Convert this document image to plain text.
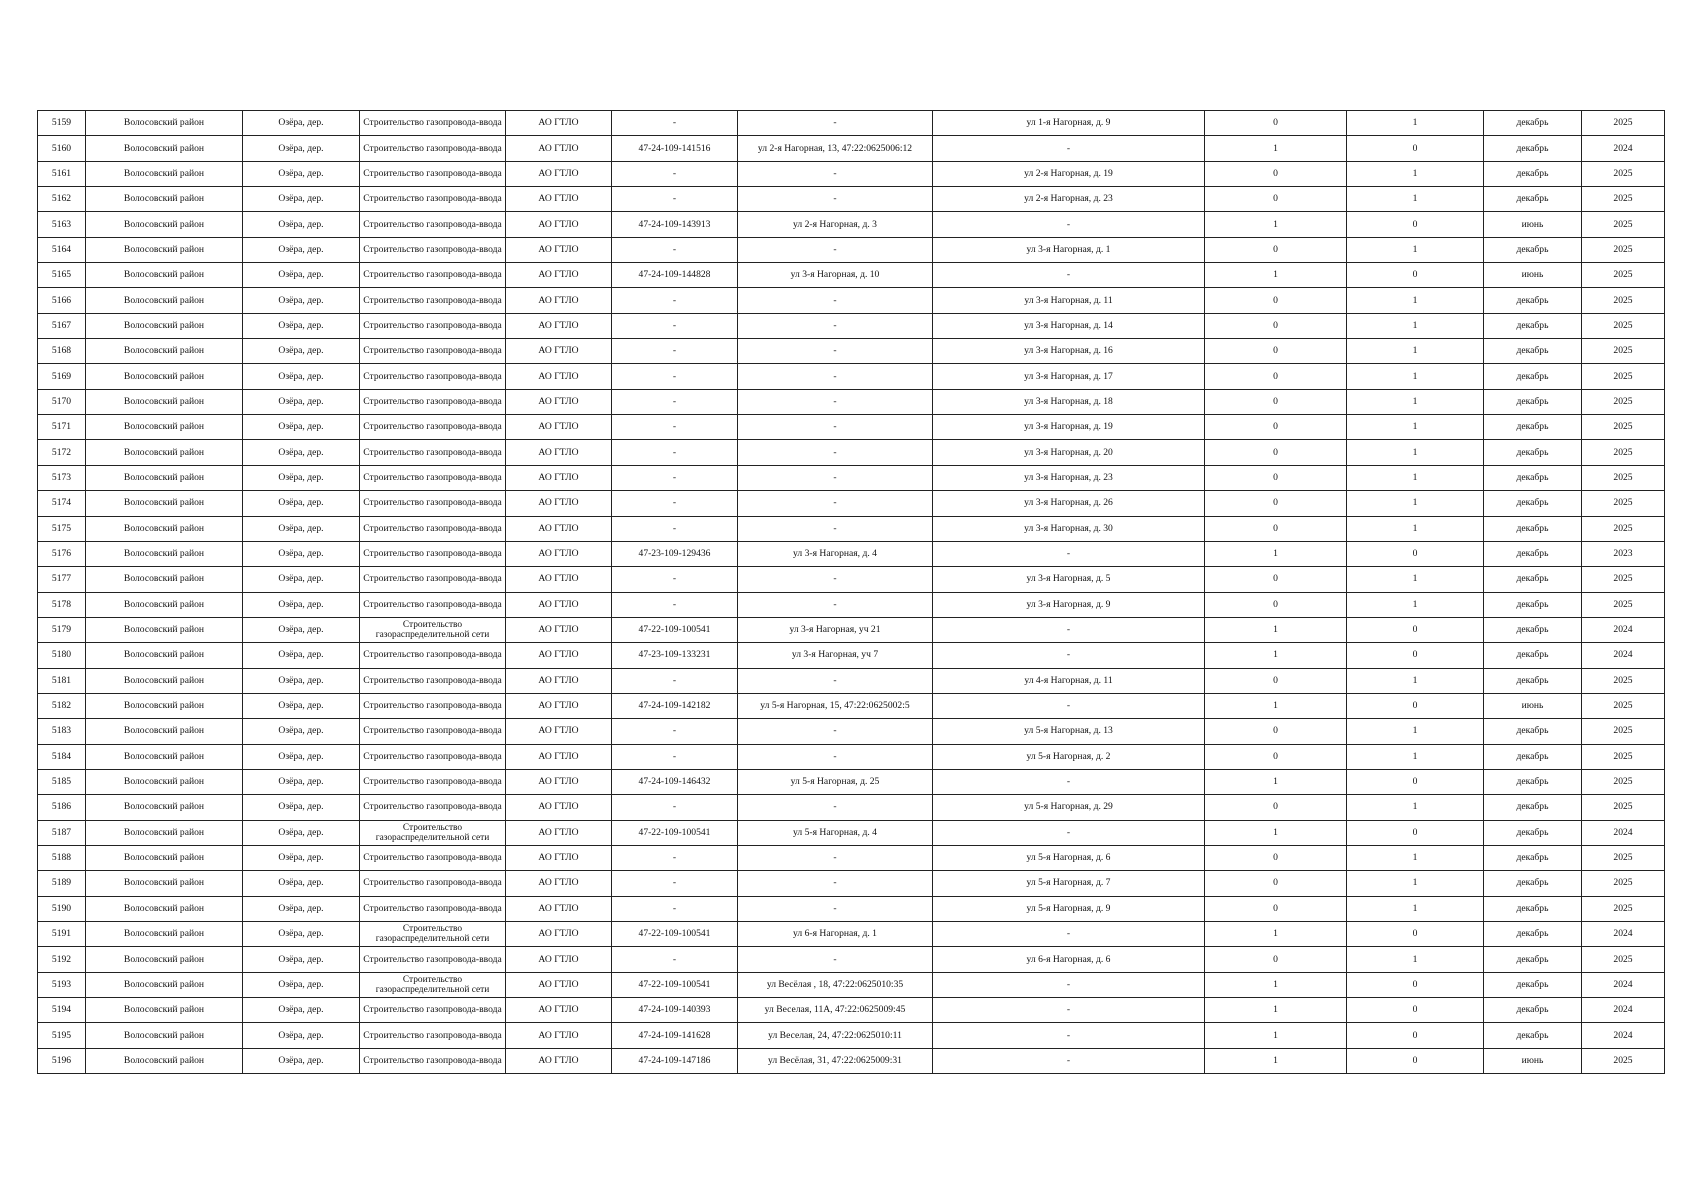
5159	Волосовский район	Озёра, дер.	Строительство газопровода-ввода	АО ГТЛО	-	-	ул 1-я Нагорная, д. 9	0	1	декабрь	2025
5160	Волосовский район	Озёра, дер.	Строительство газопровода-ввода	АО ГТЛО	47-24-109-141516	ул 2-я Нагорная, 13, 47:22:0625006:12	-	1	0	декабрь	2024
5161	Волосовский район	Озёра, дер.	Строительство газопровода-ввода	АО ГТЛО	-	-	ул 2-я Нагорная, д. 19	0	1	декабрь	2025
5162	Волосовский район	Озёра, дер.	Строительство газопровода-ввода	АО ГТЛО	-	-	ул 2-я Нагорная, д. 23	0	1	декабрь	2025
5163	Волосовский район	Озёра, дер.	Строительство газопровода-ввода	АО ГТЛО	47-24-109-143913	ул 2-я Нагорная, д. 3	-	1	0	июнь	2025
5164	Волосовский район	Озёра, дер.	Строительство газопровода-ввода	АО ГТЛО	-	-	ул 3-я Нагорная, д. 1	0	1	декабрь	2025
5165	Волосовский район	Озёра, дер.	Строительство газопровода-ввода	АО ГТЛО	47-24-109-144828	ул 3-я Нагорная, д. 10	-	1	0	июнь	2025
5166	Волосовский район	Озёра, дер.	Строительство газопровода-ввода	АО ГТЛО	-	-	ул 3-я Нагорная, д. 11	0	1	декабрь	2025
5167	Волосовский район	Озёра, дер.	Строительство газопровода-ввода	АО ГТЛО	-	-	ул 3-я Нагорная, д. 14	0	1	декабрь	2025
5168	Волосовский район	Озёра, дер.	Строительство газопровода-ввода	АО ГТЛО	-	-	ул 3-я Нагорная, д. 16	0	1	декабрь	2025
5169	Волосовский район	Озёра, дер.	Строительство газопровода-ввода	АО ГТЛО	-	-	ул 3-я Нагорная, д. 17	0	1	декабрь	2025
5170	Волосовский район	Озёра, дер.	Строительство газопровода-ввода	АО ГТЛО	-	-	ул 3-я Нагорная, д. 18	0	1	декабрь	2025
5171	Волосовский район	Озёра, дер.	Строительство газопровода-ввода	АО ГТЛО	-	-	ул 3-я Нагорная, д. 19	0	1	декабрь	2025
5172	Волосовский район	Озёра, дер.	Строительство газопровода-ввода	АО ГТЛО	-	-	ул 3-я Нагорная, д. 20	0	1	декабрь	2025
5173	Волосовский район	Озёра, дер.	Строительство газопровода-ввода	АО ГТЛО	-	-	ул 3-я Нагорная, д. 23	0	1	декабрь	2025
5174	Волосовский район	Озёра, дер.	Строительство газопровода-ввода	АО ГТЛО	-	-	ул 3-я Нагорная, д. 26	0	1	декабрь	2025
5175	Волосовский район	Озёра, дер.	Строительство газопровода-ввода	АО ГТЛО	-	-	ул 3-я Нагорная, д. 30	0	1	декабрь	2025
5176	Волосовский район	Озёра, дер.	Строительство газопровода-ввода	АО ГТЛО	47-23-109-129436	ул 3-я Нагорная, д. 4	-	1	0	декабрь	2023
5177	Волосовский район	Озёра, дер.	Строительство газопровода-ввода	АО ГТЛО	-	-	ул 3-я Нагорная, д. 5	0	1	декабрь	2025
5178	Волосовский район	Озёра, дер.	Строительство газопровода-ввода	АО ГТЛО	-	-	ул 3-я Нагорная, д. 9	0	1	декабрь	2025
5179	Волосовский район	Озёра, дер.	Строительство газораспределительной сети	АО ГТЛО	47-22-109-100541	ул 3-я Нагорная, уч 21	-	1	0	декабрь	2024
5180	Волосовский район	Озёра, дер.	Строительство газопровода-ввода	АО ГТЛО	47-23-109-133231	ул 3-я Нагорная, уч 7	-	1	0	декабрь	2024
5181	Волосовский район	Озёра, дер.	Строительство газопровода-ввода	АО ГТЛО	-	-	ул 4-я Нагорная, д. 11	0	1	декабрь	2025
5182	Волосовский район	Озёра, дер.	Строительство газопровода-ввода	АО ГТЛО	47-24-109-142182	ул 5-я Нагорная, 15, 47:22:0625002:5	-	1	0	июнь	2025
5183	Волосовский район	Озёра, дер.	Строительство газопровода-ввода	АО ГТЛО	-	-	ул 5-я Нагорная, д. 13	0	1	декабрь	2025
5184	Волосовский район	Озёра, дер.	Строительство газопровода-ввода	АО ГТЛО	-	-	ул 5-я Нагорная, д. 2	0	1	декабрь	2025
5185	Волосовский район	Озёра, дер.	Строительство газопровода-ввода	АО ГТЛО	47-24-109-146432	ул 5-я Нагорная, д. 25	-	1	0	декабрь	2025
5186	Волосовский район	Озёра, дер.	Строительство газопровода-ввода	АО ГТЛО	-	-	ул 5-я Нагорная, д. 29	0	1	декабрь	2025
5187	Волосовский район	Озёра, дер.	Строительство газораспределительной сети	АО ГТЛО	47-22-109-100541	ул 5-я Нагорная, д. 4	-	1	0	декабрь	2024
5188	Волосовский район	Озёра, дер.	Строительство газопровода-ввода	АО ГТЛО	-	-	ул 5-я Нагорная, д. 6	0	1	декабрь	2025
5189	Волосовский район	Озёра, дер.	Строительство газопровода-ввода	АО ГТЛО	-	-	ул 5-я Нагорная, д. 7	0	1	декабрь	2025
5190	Волосовский район	Озёра, дер.	Строительство газопровода-ввода	АО ГТЛО	-	-	ул 5-я Нагорная, д. 9	0	1	декабрь	2025
5191	Волосовский район	Озёра, дер.	Строительство газораспределительной сети	АО ГТЛО	47-22-109-100541	ул 6-я Нагорная, д. 1	-	1	0	декабрь	2024
5192	Волосовский район	Озёра, дер.	Строительство газопровода-ввода	АО ГТЛО	-	-	ул 6-я Нагорная, д. 6	0	1	декабрь	2025
5193	Волосовский район	Озёра, дер.	Строительство газораспределительной сети	АО ГТЛО	47-22-109-100541	ул Весёлая , 18, 47:22:0625010:35	-	1	0	декабрь	2024
5194	Волосовский район	Озёра, дер.	Строительство газопровода-ввода	АО ГТЛО	47-24-109-140393	ул Веселая, 11А, 47:22:0625009:45	-	1	0	декабрь	2024
5195	Волосовский район	Озёра, дер.	Строительство газопровода-ввода	АО ГТЛО	47-24-109-141628	ул Веселая, 24, 47:22:0625010:11	-	1	0	декабрь	2024
5196	Волосовский район	Озёра, дер.	Строительство газопровода-ввода	АО ГТЛО	47-24-109-147186	ул Весёлая, 31, 47:22:0625009:31	-	1	0	июнь	2025
